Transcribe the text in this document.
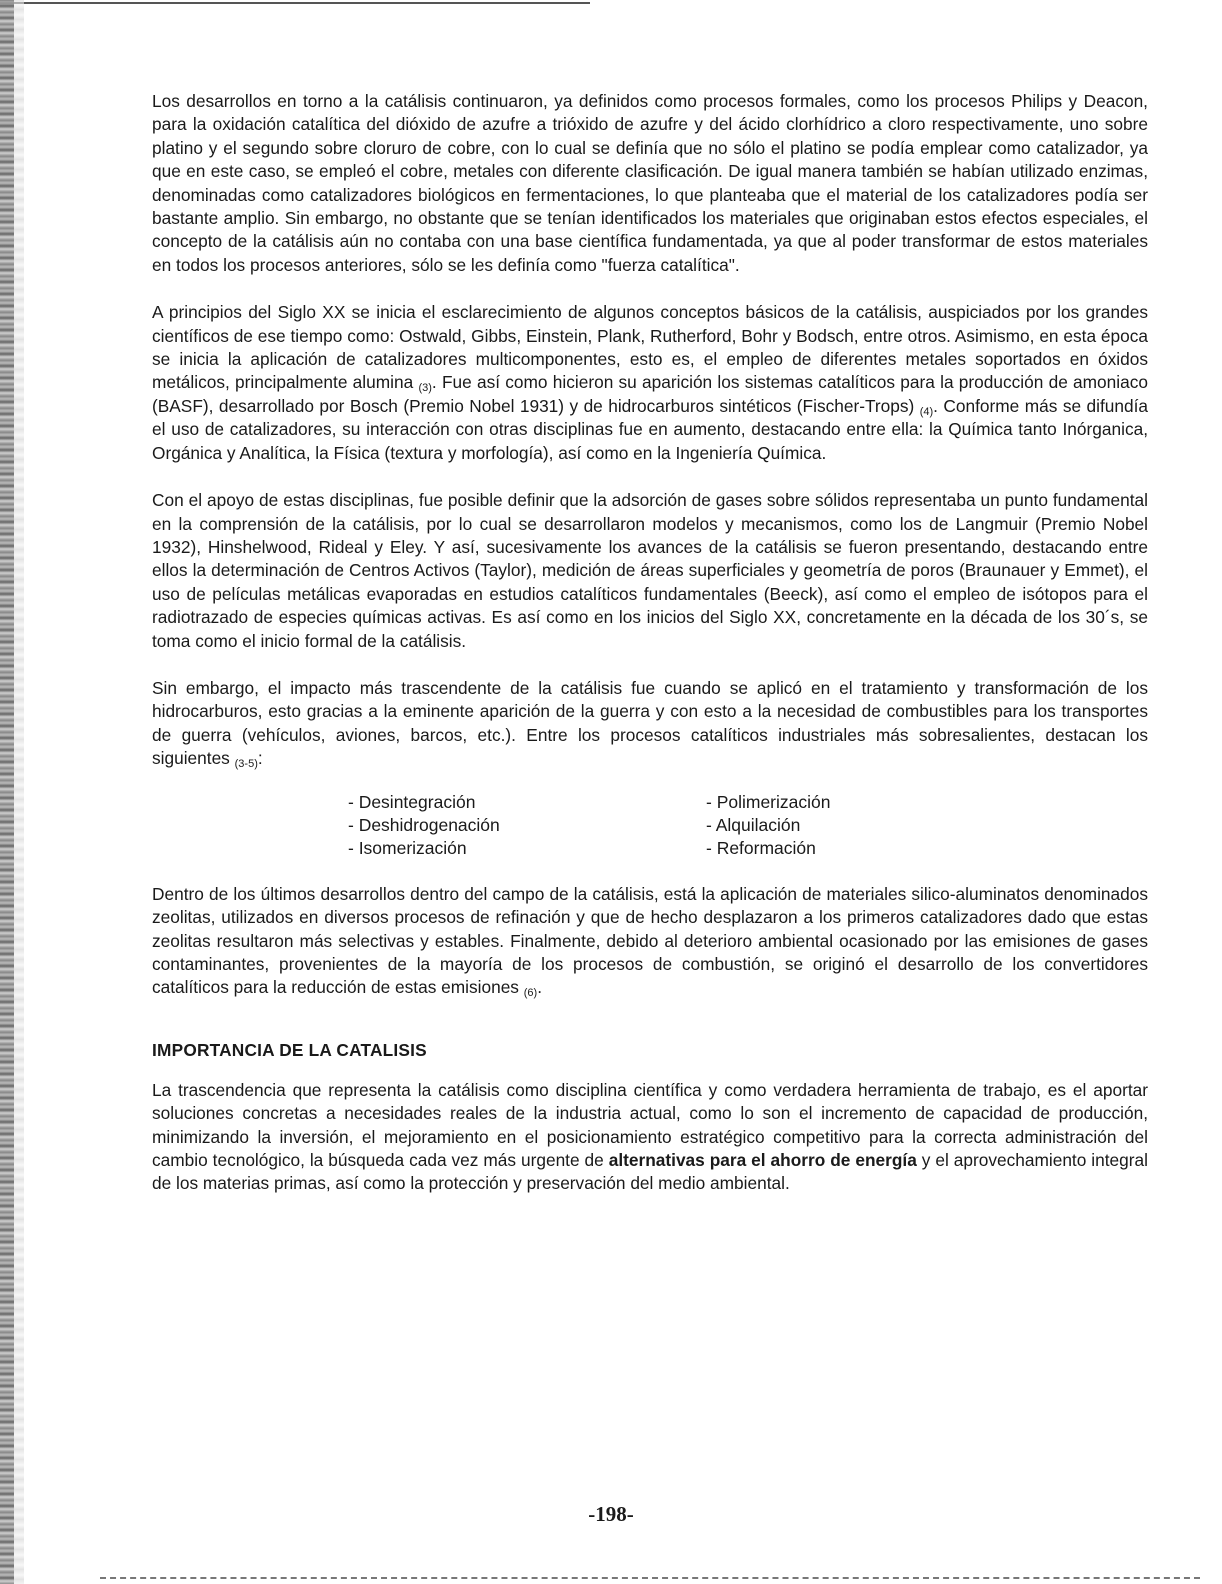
Los desarrollos en torno a la catálisis continuaron, ya definidos como procesos formales, como los procesos Philips y Deacon, para la oxidación catalítica del dióxido de azufre a trióxido de azufre y del ácido clorhídrico a cloro respectivamente, uno sobre platino y el segundo sobre cloruro de cobre, con lo cual se definía que no sólo el platino se podía emplear como catalizador, ya que en este caso, se empleó el cobre, metales con diferente clasificación. De igual manera también se habían utilizado enzimas, denominadas como catalizadores biológicos en fermentaciones, lo que planteaba que el material de los catalizadores podía ser bastante amplio. Sin embargo, no obstante que se tenían identificados los materiales que originaban estos efectos especiales, el concepto de la catálisis aún no contaba con una base científica fundamentada, ya que al poder transformar de estos materiales en todos los procesos anteriores, sólo se les definía como "fuerza catalítica".

A principios del Siglo XX se inicia el esclarecimiento de algunos conceptos básicos de la catálisis, auspiciados por los grandes científicos de ese tiempo como: Ostwald, Gibbs, Einstein, Plank, Rutherford, Bohr y Bodsch, entre otros. Asimismo, en esta época se inicia la aplicación de catalizadores multicomponentes, esto es, el empleo de diferentes metales soportados en óxidos metálicos, principalmente alumina $_{(3)}$. Fue así como hicieron su aparición los sistemas catalíticos para la producción de amoniaco (BASF), desarrollado por Bosch (Premio Nobel 1931) y de hidrocarburos sintéticos (Fischer-Trops) $_{(4)}$. Conforme más se difundía el uso de catalizadores, su interacción con otras disciplinas fue en aumento, destacando entre ella: la Química tanto Inórganica, Orgánica y Analítica, la Física (textura y morfología), así como en la Ingeniería Química.

Con el apoyo de estas disciplinas, fue posible definir que la adsorción de gases sobre sólidos representaba un punto fundamental en la comprensión de la catálisis, por lo cual se desarrollaron modelos y mecanismos, como los de Langmuir (Premio Nobel 1932), Hinshelwood, Rideal y Eley. Y así, sucesivamente los avances de la catálisis se fueron presentando, destacando entre ellos la determinación de Centros Activos (Taylor), medición de áreas superficiales y geometría de poros (Braunauer y Emmet), el uso de películas metálicas evaporadas en estudios catalíticos fundamentales (Beeck), así como el empleo de isótopos para el radiotrazado de especies químicas activas. Es así como en los inicios del Siglo XX, concretamente en la década de los 30´s, se toma como el inicio formal de la catálisis.

Sin embargo, el impacto más trascendente de la catálisis fue cuando se aplicó en el tratamiento y transformación de los hidrocarburos, esto gracias a la eminente aparición de la guerra y con esto a la necesidad de combustibles para los transportes de guerra (vehículos, aviones, barcos, etc.). Entre los procesos catalíticos industriales más sobresalientes, destacan los siguientes $_{(3-5)}$:

- Desintegración
- Deshidrogenación
- Isomerización
- Polimerización
- Alquilación
- Reformación

Dentro de los últimos desarrollos dentro del campo de la catálisis, está la aplicación de materiales silico-aluminatos denominados zeolitas, utilizados en diversos procesos de refinación y que de hecho desplazaron a los primeros catalizadores dado que estas zeolitas resultaron más selectivas y estables. Finalmente, debido al deterioro ambiental ocasionado por las emisiones de gases contaminantes, provenientes de la mayoría de los procesos de combustión, se originó el desarrollo de los convertidores catalíticos para la reducción de estas emisiones $_{(6)}$.

IMPORTANCIA DE LA CATALISIS

La trascendencia que representa la catálisis como disciplina científica y como verdadera herramienta de trabajo, es el aportar soluciones concretas a necesidades reales de la industria actual, como lo son el incremento de capacidad de producción, minimizando la inversión, el mejoramiento en el posicionamiento estratégico competitivo para la correcta administración del cambio tecnológico, la búsqueda cada vez más urgente de alternativas para el ahorro de energía y el aprovechamiento integral de los materias primas, así como la protección y preservación del medio ambiental.

-198-
